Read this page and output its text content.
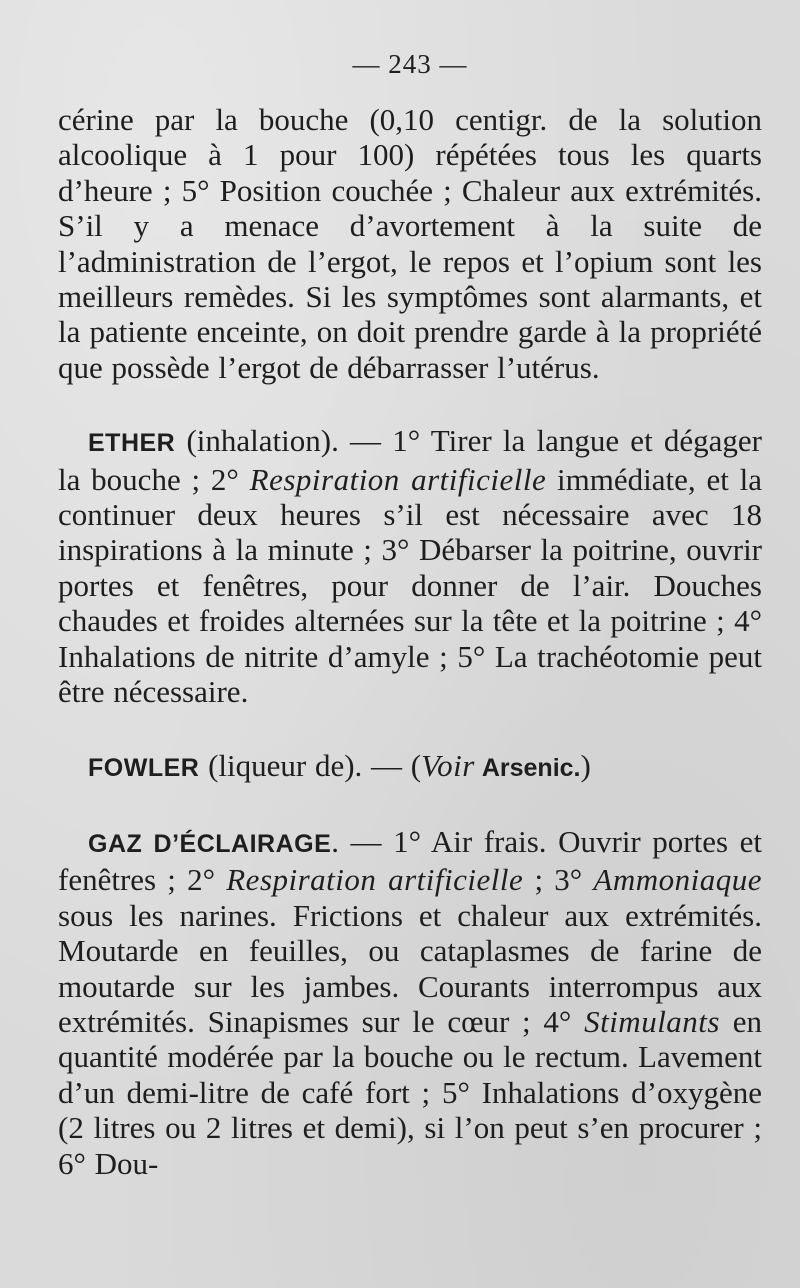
— 243 —

cérine par la bouche (0,10 centigr. de la solution alcoolique à 1 pour 100) répétées tous les quarts d’heure ; 5° Position couchée ; Chaleur aux extrémités. S’il y a menace d’avortement à la suite de l’administration de l’ergot, le repos et l’opium sont les meilleurs remèdes. Si les symptômes sont alarmants, et la patiente enceinte, on doit prendre garde à la propriété que possède l’ergot de débarrasser l’utérus.

ETHER (inhalation). — 1° Tirer la langue et dégager la bouche ; 2° Respiration artificielle immédiate, et la continuer deux heures s’il est nécessaire avec 18 inspirations à la minute ; 3° Débarser la poitrine, ouvrir portes et fenêtres, pour donner de l’air. Douches chaudes et froides alternées sur la tête et la poitrine ; 4° Inhalations de nitrite d’amyle ; 5° La trachéotomie peut être nécessaire.

FOWLER (liqueur de). — (Voir Arsenic.)

GAZ D’ÉCLAIRAGE. — 1° Air frais. Ouvrir portes et fenêtres ; 2° Respiration artificielle ; 3° Ammoniaque sous les narines. Frictions et chaleur aux extrémités. Moutarde en feuilles, ou cataplasmes de farine de moutarde sur les jambes. Courants interrompus aux extrémités. Sinapismes sur le cœur ; 4° Stimulants en quantité modérée par la bouche ou le rectum. Lavement d’un demi-litre de café fort ; 5° Inhalations d’oxygène (2 litres ou 2 litres et demi), si l’on peut s’en procurer ; 6° Dou-
